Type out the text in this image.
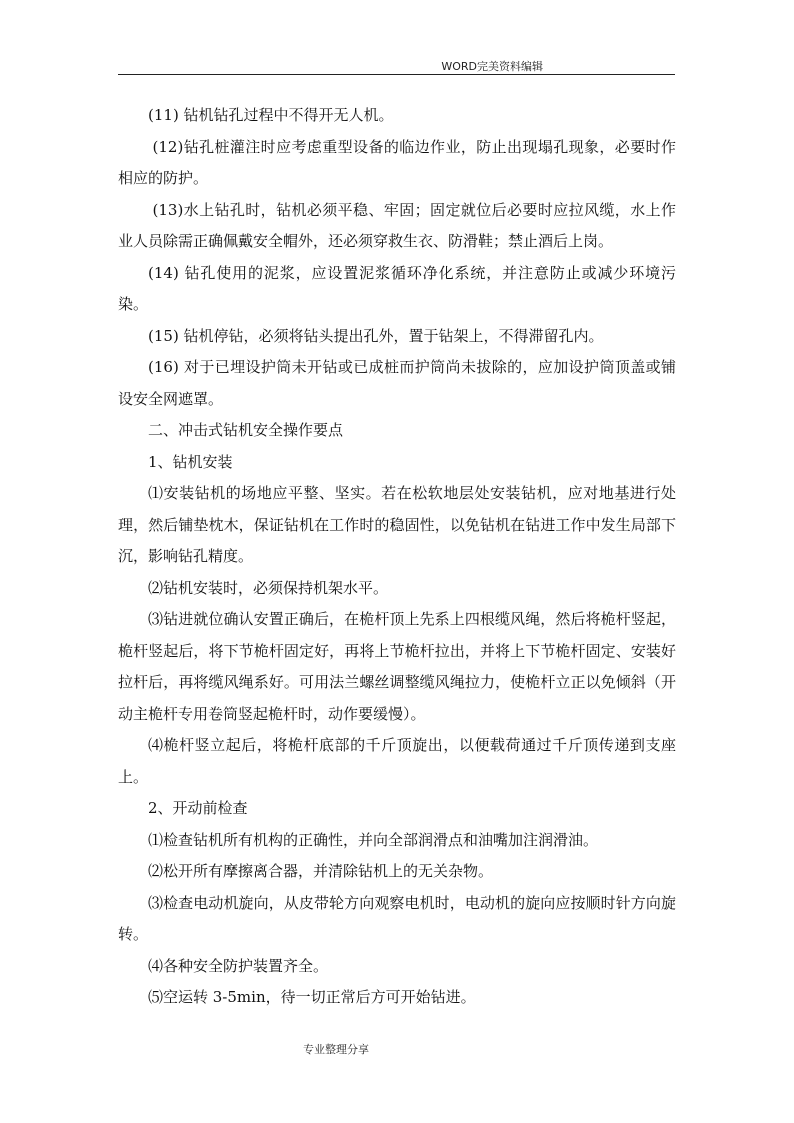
WORD完美资料编辑

(11) 钻机钻孔过程中不得开无人机。

(12)钻孔桩灌注时应考虑重型设备的临边作业，防止出现塌孔现象，必要时作相应的防护。

(13)水上钻孔时，钻机必须平稳、牢固；固定就位后必要时应拉风缆，水上作业人员除需正确佩戴安全帽外，还必须穿救生衣、防滑鞋；禁止酒后上岗。

(14) 钻孔使用的泥浆，应设置泥浆循环净化系统，并注意防止或减少环境污染。

(15) 钻机停钻，必须将钻头提出孔外，置于钻架上，不得滞留孔内。

(16) 对于已埋设护筒未开钻或已成桩而护筒尚未拔除的，应加设护筒顶盖或铺设安全网遮罩。

二、冲击式钻机安全操作要点

1、钻机安装

⑴安装钻机的场地应平整、坚实。若在松软地层处安装钻机，应对地基进行处理，然后铺垫枕木，保证钻机在工作时的稳固性，以免钻机在钻进工作中发生局部下沉，影响钻孔精度。

⑵钻机安装时，必须保持机架水平。

⑶钻进就位确认安置正确后，在桅杆顶上先系上四根缆风绳，然后将桅杆竖起，桅杆竖起后，将下节桅杆固定好，再将上节桅杆拉出，并将上下节桅杆固定、安装好拉杆后，再将缆风绳系好。可用法兰螺丝调整缆风绳拉力，使桅杆立正以免倾斜（开动主桅杆专用卷筒竖起桅杆时，动作要缓慢）。

⑷桅杆竖立起后，将桅杆底部的千斤顶旋出，以便载荷通过千斤顶传递到支座上。

2、开动前检查

⑴检查钻机所有机构的正确性，并向全部润滑点和油嘴加注润滑油。

⑵松开所有摩擦离合器，并清除钻机上的无关杂物。

⑶检查电动机旋向，从皮带轮方向观察电机时，电动机的旋向应按顺时针方向旋转。

⑷各种安全防护装置齐全。

⑸空运转 3-5min，待一切正常后方可开始钻进。

专业整理分享
